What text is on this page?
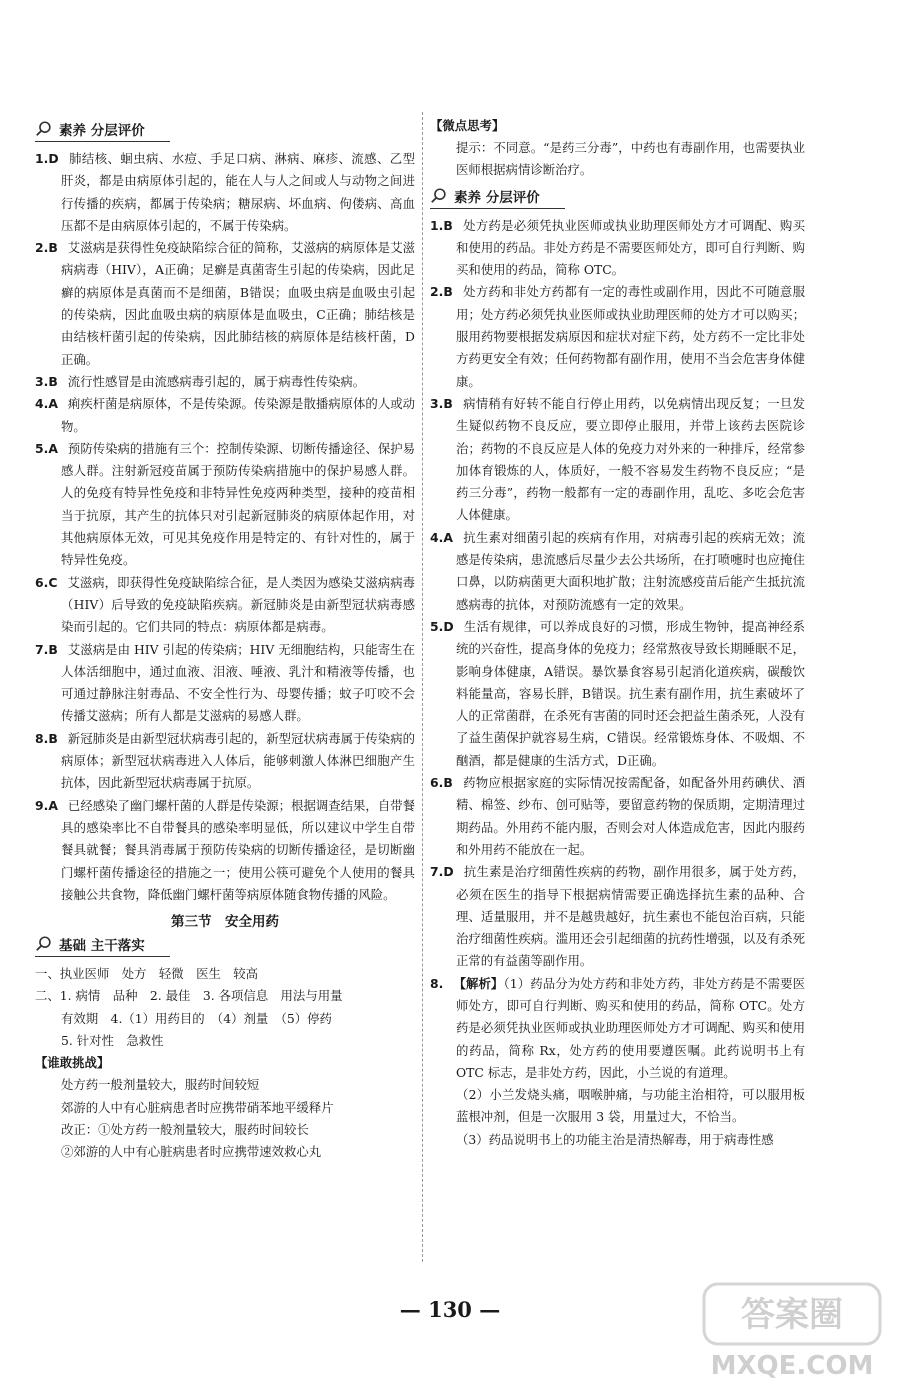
素养 分层评价

1.D 肺结核、蛔虫病、水痘、手足口病、淋病、麻疹、流感、乙型肝炎，都是由病原体引起的，能在人与人之间或人与动物之间进行传播的疾病，都属于传染病；糖尿病、坏血病、佝偻病、高血压都不是由病原体引起的，不属于传染病。

2.B 艾滋病是获得性免疫缺陷综合征的简称，艾滋病的病原体是艾滋病病毒（HIV），A正确；足癣是真菌寄生引起的传染病，因此足癣的病原体是真菌而不是细菌，B错误；血吸虫病是血吸虫引起的传染病，因此血吸虫病的病原体是血吸虫，C正确；肺结核是由结核杆菌引起的传染病，因此肺结核的病原体是结核杆菌，D正确。

3.B 流行性感冒是由流感病毒引起的，属于病毒性传染病。

4.A 痢疾杆菌是病原体，不是传染源。传染源是散播病原体的人或动物。

5.A 预防传染病的措施有三个：控制传染源、切断传播途径、保护易感人群。注射新冠疫苗属于预防传染病措施中的保护易感人群。人的免疫有特异性免疫和非特异性免疫两种类型，接种的疫苗相当于抗原，其产生的抗体只对引起新冠肺炎的病原体起作用，对其他病原体无效，可见其免疫作用是特定的、有针对性的，属于特异性免疫。

6.C 艾滋病，即获得性免疫缺陷综合征，是人类因为感染艾滋病病毒（HIV）后导致的免疫缺陷疾病。新冠肺炎是由新型冠状病毒感染而引起的。它们共同的特点：病原体都是病毒。

7.B 艾滋病是由 HIV 引起的传染病；HIV 无细胞结构，只能寄生在人体活细胞中，通过血液、泪液、唾液、乳汁和精液等传播，也可通过静脉注射毒品、不安全性行为、母婴传播；蚊子叮咬不会传播艾滋病；所有人都是艾滋病的易感人群。

8.B 新冠肺炎是由新型冠状病毒引起的，新型冠状病毒属于传染病的病原体；新型冠状病毒进入人体后，能够刺激人体淋巴细胞产生抗体，因此新型冠状病毒属于抗原。

9.A 已经感染了幽门螺杆菌的人群是传染源；根据调查结果，自带餐具的感染率比不自带餐具的感染率明显低，所以建议中学生自带餐具就餐；餐具消毒属于预防传染病的切断传播途径，是切断幽门螺杆菌传播途径的措施之一；使用公筷可避免个人使用的餐具接触公共食物，降低幽门螺杆菌等病原体随食物传播的风险。

第三节　安全用药
基础 主干落实

一、执业医师　处方　轻微　医生　较高

二、1. 病情　品种　2. 最佳　3. 各项信息　用法与用量

有效期　4.（1）用药目的　（4）剂量　（5）停药

5. 针对性　急救性

【谁敢挑战】

处方药一般剂量较大，服药时间较短

郊游的人中有心脏病患者时应携带硝苯地平缓释片

改正：①处方药一般剂量较大，服药时间较长

②郊游的人中有心脏病患者时应携带速效救心丸

【微点思考】

提示：不同意。“是药三分毒”，中药也有毒副作用，也需要执业医师根据病情诊断治疗。

素养 分层评价

1.B 处方药是必须凭执业医师或执业助理医师处方才可调配、购买和使用的药品。非处方药是不需要医师处方，即可自行判断、购买和使用的药品，简称 OTC。

2.B 处方药和非处方药都有一定的毒性或副作用，因此不可随意服用；处方药必须凭执业医师或执业助理医师的处方才可以购买；服用药物要根据发病原因和症状对症下药，处方药不一定比非处方药更安全有效；任何药物都有副作用，使用不当会危害身体健康。

3.B 病情稍有好转不能自行停止用药，以免病情出现反复；一旦发生疑似药物不良反应，要立即停止服用，并带上该药去医院诊治；药物的不良反应是人体的免疫力对外来的一种排斥，经常参加体育锻炼的人，体质好，一般不容易发生药物不良反应；“是药三分毒”，药物一般都有一定的毒副作用，乱吃、多吃会危害人体健康。

4.A 抗生素对细菌引起的疾病有作用，对病毒引起的疾病无效；流感是传染病，患流感后尽量少去公共场所，在打喷嚏时也应掩住口鼻，以防病菌更大面积地扩散；注射流感疫苗后能产生抵抗流感病毒的抗体，对预防流感有一定的效果。

5.D 生活有规律，可以养成良好的习惯，形成生物钟，提高神经系统的兴奋性，提高身体的免疫力；经常熬夜导致长期睡眠不足，影响身体健康，A错误。暴饮暴食容易引起消化道疾病，碳酸饮料能量高，容易长胖，B错误。抗生素有副作用，抗生素破坏了人的正常菌群，在杀死有害菌的同时还会把益生菌杀死，人没有了益生菌保护就容易生病，C错误。经常锻炼身体、不吸烟、不酗酒，都是健康的生活方式，D正确。

6.B 药物应根据家庭的实际情况按需配备，如配备外用药碘伏、酒精、棉签、纱布、创可贴等，要留意药物的保质期，定期清理过期药品。外用药不能内服，否则会对人体造成危害，因此内服药和外用药不能放在一起。

7.D 抗生素是治疗细菌性疾病的药物，副作用很多，属于处方药，必须在医生的指导下根据病情需要正确选择抗生素的品种、合理、适量服用，并不是越贵越好，抗生素也不能包治百病，只能治疗细菌性疾病。滥用还会引起细菌的抗药性增强，以及有杀死正常的有益菌等副作用。

8. 【解析】（1）药品分为处方药和非处方药，非处方药是不需要医师处方，即可自行判断、购买和使用的药品，简称 OTC。处方药是必须凭执业医师或执业助理医师处方才可调配、购买和使用的药品，简称 Rx，处方药的使用要遵医嘱。此药说明书上有 OTC 标志，是非处方药，因此，小兰说的有道理。

（2）小兰发烧头痛，咽喉肿痛，与功能主治相符，可以服用板蓝根冲剂，但是一次服用 3 袋，用量过大，不恰当。

（3）药品说明书上的功能主治是清热解毒，用于病毒性感

— 130 —	答案圈
MXQE.COM
